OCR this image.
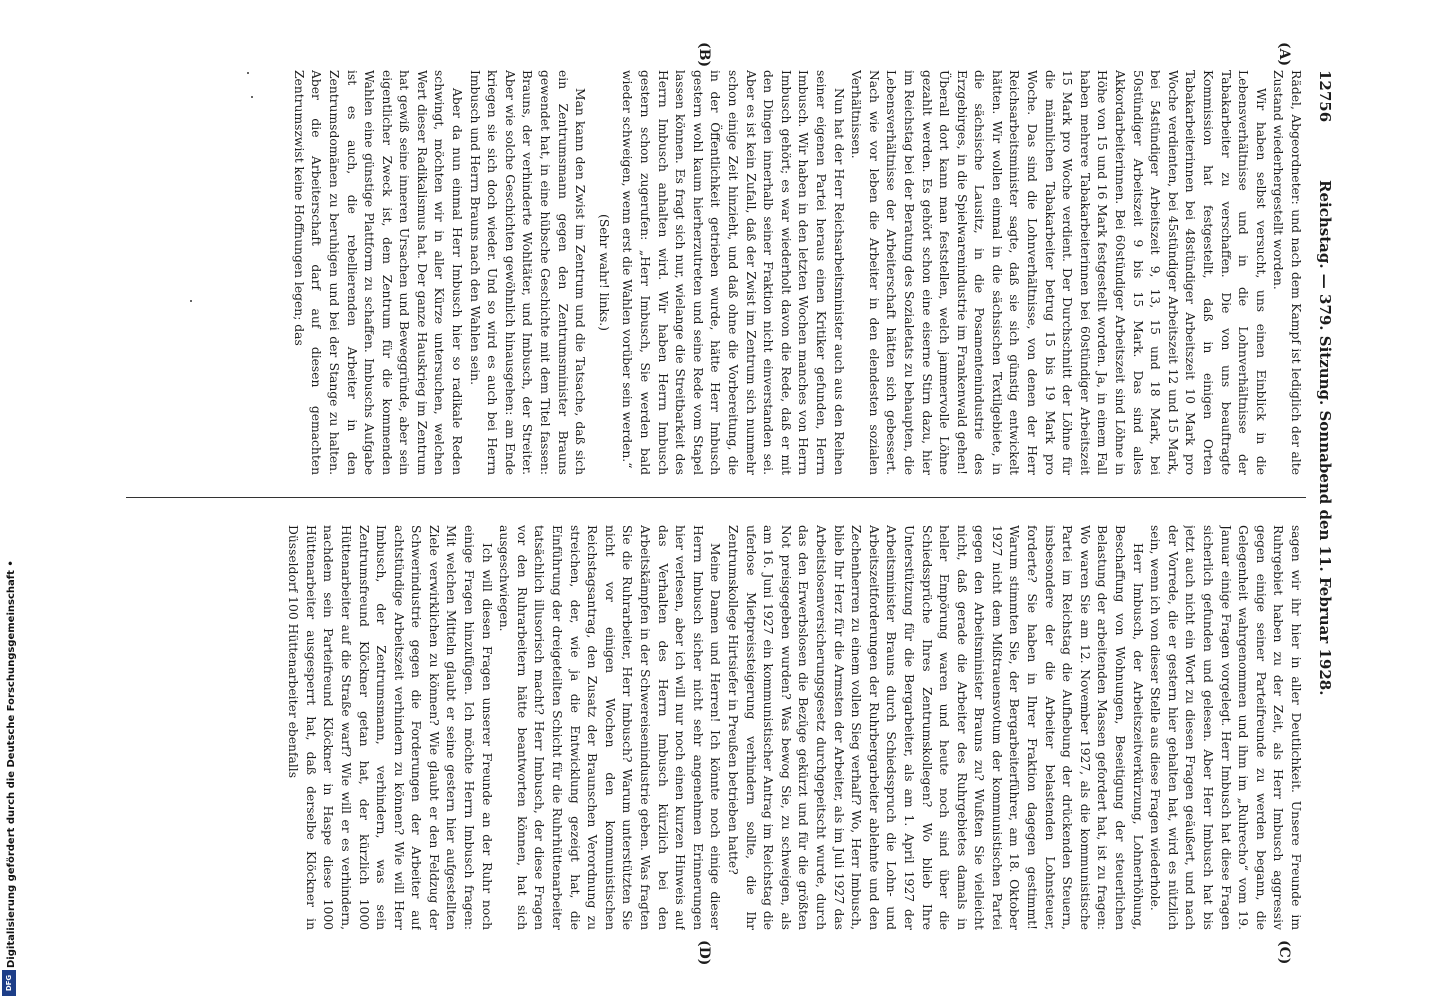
Digitalisierung gefördert durch die Deutsche Forschungsgemeinschaft •
DFG
12756
Reichstag. — 379. Sitzung. Sonnabend den 11. Februar 1928.
(A)
(B)
(C)
(D)

Rädel, Abgeordneter: und nach dem Kampf ist lediglich der alte Zustand wiederhergestellt worden.

Wir haben selbst versucht, uns einen Einblick in die Lebensverhältnisse und in die Lohnverhältnisse der Tabakarbeiter zu verschaffen. Die von uns beauftragte Kommission hat festgestellt, daß in einigen Orten Tabakarbeiterinnen bei 48stündiger Arbeitszeit 10 Mark pro Woche verdienten, bei 45stündiger Arbeitszeit 12 und 15 Mark, bei 54stündiger Arbeitszeit 9, 13, 15 und 18 Mark, bei 50stündiger Arbeitszeit 9 bis 15 Mark. Das sind alles Akkordarbeiterinnen. Bei 60stündiger Arbeitszeit sind Löhne in Höhe von 15 und 16 Mark festgestellt worden. Ja, in einem Fall haben mehrere Tabakarbeiterinnen bei 60stündiger Arbeitszeit 15 Mark pro Woche verdient. Der Durchschnitt der Löhne für die männlichen Tabakarbeiter betrug 15 bis 19 Mark pro Woche. Das sind die Lohnverhältnisse, von denen der Herr Reichsarbeitsminister sagte, daß sie sich günstig entwickelt hätten. Wir wollen einmal in die sächsischen Textilgebiete, in die sächsische Lausitz, in die Posamentenindustrie des Erzgebirges, in die Spielwarenindustrie im Frankenwald gehen! Überall dort kann man feststellen, welch jammervolle Löhne gezahlt werden. Es gehört schon eine eiserne Stirn dazu, hier im Reichstag bei der Beratung des Sozialetats zu behaupten, die Lebensverhältnisse der Arbeiterschaft hätten sich gebessert. Nach wie vor leben die Arbeiter in den elendesten sozialen Verhältnissen.

Nun hat der Herr Reichsarbeitsminister auch aus den Reihen seiner eigenen Partei heraus einen Kritiker gefunden, Herrn Imbusch. Wir haben in den letzten Wochen manches von Herrn Imbusch gehört; es war wiederholt davon die Rede, daß er mit den Dingen innerhalb seiner Fraktion nicht einverstanden sei. Aber es ist kein Zufall, daß der Zwist im Zentrum sich nunmehr schon einige Zeit hinzieht, und daß ohne die Vorbereitung, die in der Öffentlichkeit getrieben wurde, hätte Herr Imbusch gestern wohl kaum hierherzutreten und seine Rede vom Stapel lassen können. Es fragt sich nur, wielange die Streitbarkeit des Herrn Imbusch anhalten wird. Wir haben Herrn Imbusch gestern schon zugerufen: „Herr Imbusch, Sie werden bald wieder schweigen, wenn erst die Wahlen vorüber sein werden.“

(Sehr wahr! links.)

Man kann den Zwist im Zentrum und die Tatsache, daß sich ein Zentrumsmann gegen den Zentrumsminister Brauns gewendet hat, in eine hübsche Geschichte mit dem Titel fassen: Brauns, der verhinderte Wohltäter, und Imbusch, der Streiter. Aber wie solche Geschichten gewöhnlich hinausgehen: am Ende kriegen sie sich doch wieder. Und so wird es auch bei Herrn Imbusch und Herrn Brauns nach den Wahlen sein.

Aber da nun einmal Herr Imbusch hier so radikale Reden schwingt, möchten wir in aller Kürze untersuchen, welchen Wert dieser Radikalismus hat. Der ganze Hauskrieg im Zentrum hat gewiß seine inneren Ursachen und Beweggründe, aber sein eigentlicher Zweck ist, dem Zentrum für die kommenden Wahlen eine günstige Plattform zu schaffen. Imbuschs Aufgabe ist es auch, die rebellierenden Arbeiter in den Zentrumsdomänen zu beruhigen und bei der Stange zu halten. Aber die Arbeiterschaft darf auf diesen gemachten Zentrumszwist keine Hoffnungen legen; das

sagen wir ihr hier in aller Deutlichkeit. Unsere Freunde im Ruhrgebiet haben zu der Zeit, als Herr Imbusch aggressiv gegen einige seiner Parteifreunde zu werden begann, die Gelegenheit wahrgenommen und ihm im „Ruhrecho“ vom 19. Januar einige Fragen vorgelegt. Herr Imbusch hat diese Fragen sicherlich gefunden und gelesen. Aber Herr Imbusch hat bis jetzt auch nicht ein Wort zu diesen Fragen geäußert, und nach der Vorrede, die er gestern hier gehalten hat, wird es nützlich sein, wenn ich von dieser Stelle aus diese Fragen wiederhole.

Herr Imbusch, der Arbeitszeitverkürzung, Lohnerhöhung, Beschaffung von Wohnungen, Beseitigung der steuerlichen Belastung der arbeitenden Massen gefordert hat, ist zu fragen: Wo waren Sie am 12. November 1927, als die kommunistische Partei im Reichstag die Aufhebung der drückenden Steuern, insbesondere der die Arbeiter belastenden Lohnsteuer, forderte? Sie haben in Ihrer Fraktion dagegen gestimmt! Warum stimmten Sie, der Bergarbeiterführer, am 18. Oktober 1927 nicht dem Mißtrauensvotum der kommunistischen Partei gegen den Arbeitsminister Brauns zu? Wußten Sie vielleicht nicht, daß gerade die Arbeiter des Ruhrgebietes damals in heller Empörung waren und heute noch sind über die Schiedssprüche Ihres Zentrumskollegen? Wo blieb Ihre Unterstützung für die Bergarbeiter, als am 1. April 1927 der Arbeitsminister Brauns durch Schiedsspruch die Lohn- und Arbeitszeitforderungen der Ruhrbergarbeiter ablehnte und den Zechenherren zu einem vollen Sieg verhalf? Wo, Herr Imbusch, blieb Ihr Herz für die Armsten der Arbeiter, als im Juli 1927 das Arbeitslosenversicherungsgesetz durchgepeitscht wurde, durch das den Erwerbslosen die Bezüge gekürzt und für die größten Not preisgegeben wurden? Was bewog Sie, zu schweigen, als am 16. Juni 1927 ein kommunistischer Antrag im Reichstag die uferlose Mietpreissteigerung verhindern sollte, die Ihr Zentrumskollege Hirtsiefer in Preußen betrieben hatte?

Meine Damen und Herren! Ich könnte noch einige dieser Herrn Imbusch sicher nicht sehr angenehmen Erinnerungen hier verlesen, aber ich will nur noch einen kurzen Hinweis auf das Verhalten des Herrn Imbusch kürzlich bei den Arbeitskämpfen in der Schwereisenindustrie geben. Was fragten Sie die Ruhrarbeiter, Herr Imbusch? Warum unterstützten Sie nicht vor einigen Wochen den kommunistischen Reichstagsantrag, den Zusatz der Braunschen Verordnung zu streichen, der, wie ja die Entwicklung gezeigt hat, die Einführung der dreigeteilten Schicht für die Ruhrhüttenarbeiter tatsächlich illusorisch macht? Herr Imbusch, der diese Fragen vor den Ruhrarbeitern hätte beantworten können, hat sich ausgeschwiegen.

Ich will diesen Fragen unserer Freunde an der Ruhr noch einige Fragen hinzufügen. Ich möchte Herrn Imbusch fragen: Mit welchen Mitteln glaubt er seine gestern hier aufgestellten Ziele verwirklichen zu können? Wie glaubt er den Feldzug der Schwerindustrie gegen die Forderungen der Arbeiter auf achtstündige Arbeitszeit verhindern zu können? Wie will Herr Imbusch, der Zentrumsmann, verhindern, was sein Zentrumsfreund Klöckner getan hat, der kürzlich 1000 Hüttenarbeiter auf die Straße warf? Wie will er es verhindern, nachdem sein Parteifreund Klöckner in Haspe diese 1000 Hüttenarbeiter ausgesperrt hat, daß derselbe Klöckner in Düsseldorf 100 Hüttenarbeiter ebenfalls
